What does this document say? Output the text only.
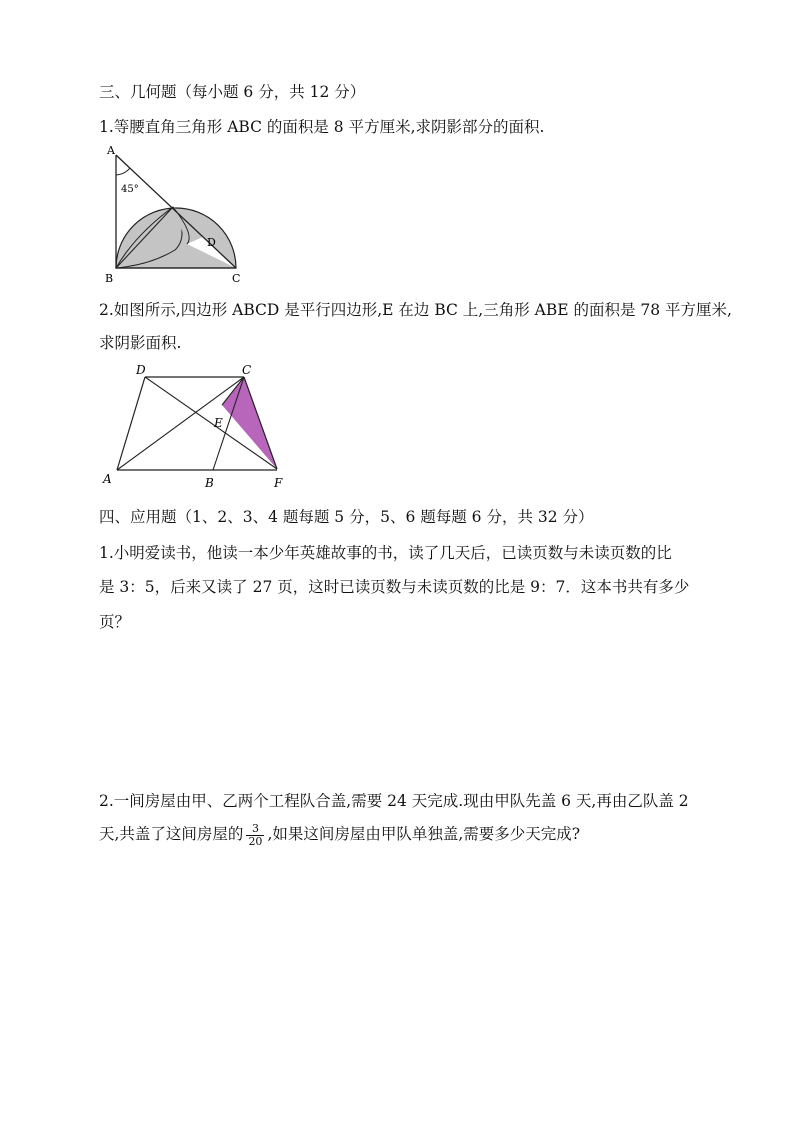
三、几何题（每小题 6 分，共 12 分）
1.等腰直角三角形 ABC 的面积是 8 平方厘米,求阴影部分的面积.
A
45°
D
B	C
2.如图所示,四边形 ABCD 是平行四边形,E 在边 BC 上,三角形 ABE 的面积是 78 平方厘米,
求阴影面积.
D	C
E
A	B	F
四、应用题（1、2、3、4 题每题 5 分，5、6 题每题 6 分，共 32 分）
1.小明爱读书，他读一本少年英雄故事的书，读了几天后，已读页数与未读页数的比
是 3：5，后来又读了 27 页，这时已读页数与未读页数的比是 9：7．这本书共有多少
页？
2.一间房屋由甲、乙两个工程队合盖,需要 24 天完成.现由甲队先盖 6 天,再由乙队盖 2
天,共盖了这间房屋的 $\frac{3}{20}$ ,如果这间房屋由甲队单独盖,需要多少天完成?
